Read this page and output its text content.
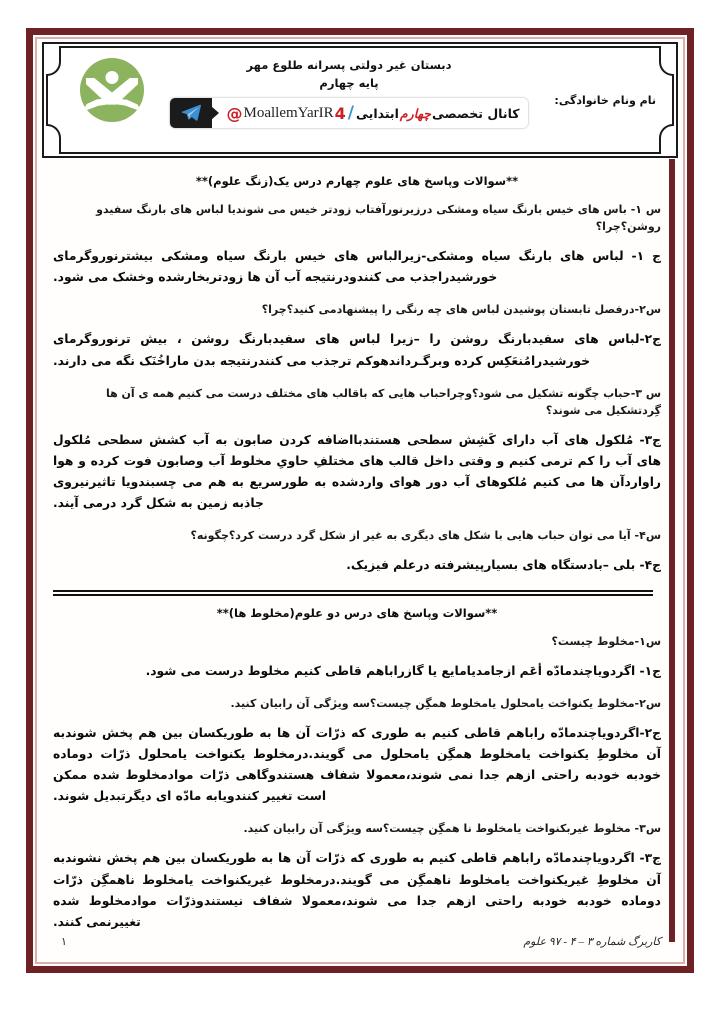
نام ونام خانوادگی:
دبستان غیر دولتی پسرانه طلوع مهر
پایه چهارم
@ MoallemYarIR 4 / ابتدایی چهارم کانال تخصصی
**سوالات وپاسخ های علوم چهارم درس یک(زنگ علوم)**

س ۱- باس های خیس بارنگ سیاه ومشکی درزیرنورآفتاب زودتر خیس می شوندیا لباس های بارنگ سفیدو روشن؟چرا؟

ج ۱- لباس های بارنگ سیاه ومشکی-زیرالباس های خیس بارنگ سیاه ومشکی بیشترنوروگرمای خورشیدراجذب می کنندودرنتیجه آب آن ها زودتربخارشده وخشک می شود.

س۲-درفصل تابستان پوشیدن لباس های چه رنگی را پیشنهادمی کنید؟چرا؟

ج۲-لباس های سفیدبارنگ روشن را –زیرا لباس های سفیدبارنگ روشن ، بیش ترنوروگرمای خورشیدرامُنعَکِس کرده وبرگـرداندهوکم ترجذب می کنندرنتیجه بدن ماراخُنَک نگه می دارند.

س ۳-حباب چگونه تشکیل می شود؟وچراحباب هایی که باقالب های مختلف درست می کنیم همه ی آن ها گِردتشکیل می شوند؟

ج۳- مُلکول های آب دارای کَشِش سطحی هستندبااضافه کردن صابون به آب کشش سطحی مُلکول های آب را کم ترمی کنیم و وقتی داخل قالب های مختلفِ حاویِ مخلوط آب وصابون فوت کرده و هوا راواردآن ها می کنیم مُلکوهای آب دور هوای واردشده به طورسریع به هم می چسبندویا تاثیرنیروی جاذبه زمین به شکل گرد درمی آیند.

س۴- آیا می توان حباب هایی با شکل های دیگری به غیر از شکل گرد درست کرد؟چگونه؟

ج۴- بلی –بادستگاه های بسیارپیشرفته درعلم فیزیک.

**سوالات وپاسخ های درس دو علوم(مخلوط ها)**

س۱-مخلوط چیست؟

ج۱- اگردویاچندمادّه أعَم ازجامدیامایع یا گازراباهم قاطی کنیم مخلوط درست می شود.

س۲-مخلوط یکنواخت یامحلول یامخلوط همگِن چیست؟سه ویژگی آن رابیان کنید.

ج۲-اگردویاچندمادّه راباهم قاطی کنیم به طوری که ذرّات آن ها به طوریکسان بین هم پخش شوندبه آن مخلوطِ یکنواخت یامخلوط همگِن یامحلول می گویند.درمخلوط یکنواخت یامحلول ذرّات دوماده خودبه خودبه راحتی ازهم جدا نمی شوند،معمولا شفاف هستندوگاهی ذرّات موادمخلوط شده ممکن است تغییر کنندویابه مادّه ای دیگرتبدیل شوند.

س۳- مخلوط غیربکنواخت یامخلوط نا همگِن چیست؟سه ویژگی آن رابیان کنید.

ج۳- اگردویاچندمادّه راباهم قاطی کنیم به طوری که ذرّات آن ها به طوریکسان بین هم پخش نشوندبه آن مخلوطِ غیریکنواخت یامخلوط ناهمگِن می گویند.درمخلوط غیریکنواخت یامخلوط ناهمگِن ذرّات دوماده خودبه خودبه راحتی ازهم جدا می شوند،معمولا شفاف نیستندوذرّات موادمخلوط شده تغییرنمی کنند.

کاربرگ شماره ۳ – ۴ - ۹۷ علوم
۱
